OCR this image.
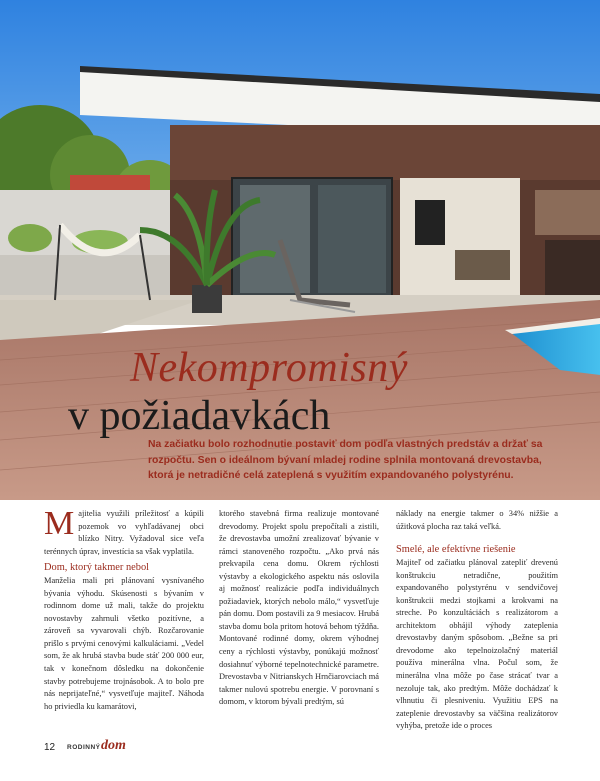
Nekompromisný
v požiadavkách
Na začiatku bolo rozhodnutie postaviť dom podľa vlastných predstáv a držať sa rozpočtu. Sen o ideálnom bývaní mladej rodine splnila montovaná drevostavba, ktorá je netradičné celá zateplená s využitím expandovaného polystyrénu.

M ajitelia využili príležitosť a kúpili pozemok vo vyhľadávanej obci blízko Nitry. Vyžadoval sice veľa terénnych úprav, investícia sa však vyplatila.

Dom, ktorý takmer nebol

Manželia mali pri plánovaní vysnívaného bývania výhodu. Skúsenosti s bývaním v rodinnom dome už mali, takže do projektu novostavby zahrnuli všetko pozitívne, a zároveň sa vyvarovali chýb. Rozčarovanie prišlo s prvými cenovými kalkuláciami. „Vedel som, že ak hrubá stavba bude stáť 200 000 eur, tak v konečnom dôsledku na dokončenie stavby potrebujeme trojnásobok. A to bolo pre nás neprijateľné,“ vysvetľuje majiteľ. Náhoda ho priviedla ku kamarátovi,

ktorého stavebná firma realizuje montované drevodomy. Projekt spolu prepočítali a zistili, že drevostavba umožní zrealizovať bývanie v rámci stanoveného rozpočtu. „Ako prvá nás prekvapila cena domu. Okrem rýchlosti výstavby a ekologického aspektu nás oslovila aj možnosť realizácie podľa individuálnych požiadaviek, ktorých nebolo málo,“ vysvetľuje pán domu. Dom postavili za 9 mesiacov. Hrubá stavba domu bola pritom hotová behom týždňa. Montované rodinné domy, okrem výhodnej ceny a rýchlosti výstavby, ponúkajú možnosť dosiahnuť výborné tepelnotechnické parametre. Drevostavba v Nitrianskych Hrnčiarovciach má takmer nulovú spotrebu energie. V porovnaní s domom, v ktorom bývali predtým, sú

náklady na energie takmer o 34% nižšie a úžitková plocha raz taká veľká.

Smelé, ale efektívne riešenie

Majiteľ od začiatku plánoval zatepliť drevenú konštrukciu netradične, použitím expandovaného polystyrénu v sendvičovej konštrukcii medzi stojkami a krokvami na streche. Po konzultáciách s realizátorom a architektom obhájil výhody zateplenia drevostavby daným spôsobom. „Bežne sa pri drevodome ako tepelnoizolačný materiál používa minerálna vlna. Počul som, že minerálna vlna môže po čase strácať tvar a nezoluje tak, ako predtým. Môže dochádzať k vlhnutiu či plesniveniu. Využitiu EPS na zateplenie drevostavby sa väčšina realizátorov vyhýba, pretože ide o proces

12 RODINNÝ dom
